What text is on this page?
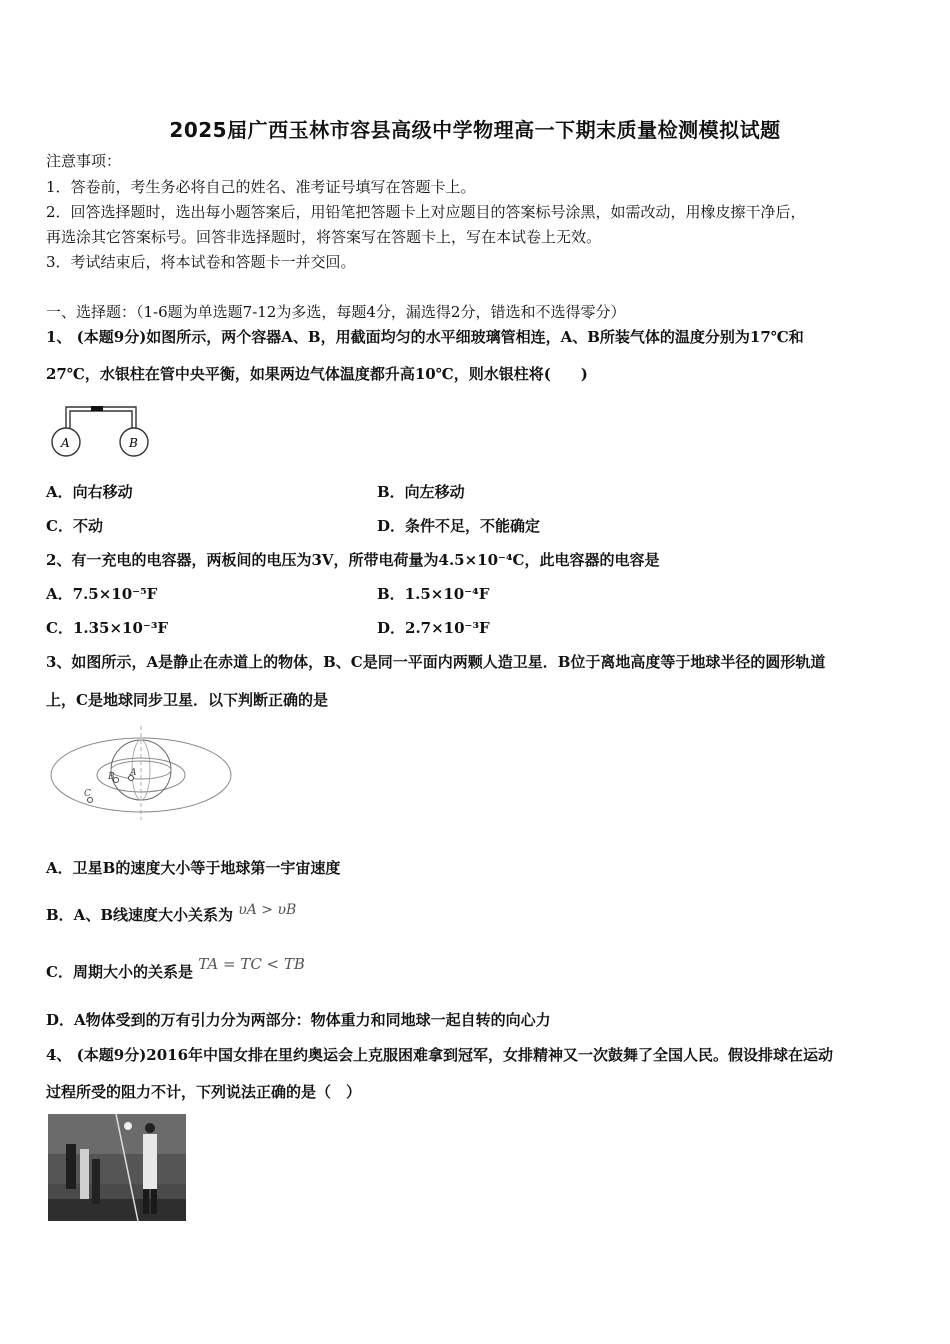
2025届广西玉林市容县高级中学物理高一下期末质量检测模拟试题
注意事项：
1．答卷前，考生务必将自己的姓名、准考证号填写在答题卡上。
2．回答选择题时，选出每小题答案后，用铅笔把答题卡上对应题目的答案标号涂黑，如需改动，用橡皮擦干净后，
再选涂其它答案标号。回答非选择题时，将答案写在答题卡上，写在本试卷上无效。
3．考试结束后，将本试卷和答题卡一并交回。
一、选择题：（1-6题为单选题7-12为多选，每题4分，漏选得2分，错选和不选得零分）
1、 (本题9分)如图所示，两个容器A、B，用截面均匀的水平细玻璃管相连，A、B所装气体的温度分别为17℃和
27℃，水银柱在管中央平衡，如果两边气体温度都升高10℃，则水银柱将(　　)
A	B
A．向右移动	B．向左移动
C．不动	D．条件不足，不能确定
2、有一充电的电容器，两板间的电压为3V，所带电荷量为4.5×10⁻⁴C，此电容器的电容是
A．7.5×10⁻⁵F	B．1.5×10⁻⁴F
C．1.35×10⁻³F	D．2.7×10⁻³F
3、如图所示，A是静止在赤道上的物体，B、C是同一平面内两颗人造卫星．B位于离地高度等于地球半径的圆形轨道
上，C是地球同步卫星．以下判断正确的是
A
B
C
A．卫星B的速度大小等于地球第一宇宙速度
B．A、B线速度大小关系为 υA > υB
C．周期大小的关系是 TA = TC < TB
D．A物体受到的万有引力分为两部分：物体重力和同地球一起自转的向心力
4、 (本题9分)2016年中国女排在里约奥运会上克服困难拿到冠军，女排精神又一次鼓舞了全国人民。假设排球在运动
过程所受的阻力不计，下列说法正确的是（　）
